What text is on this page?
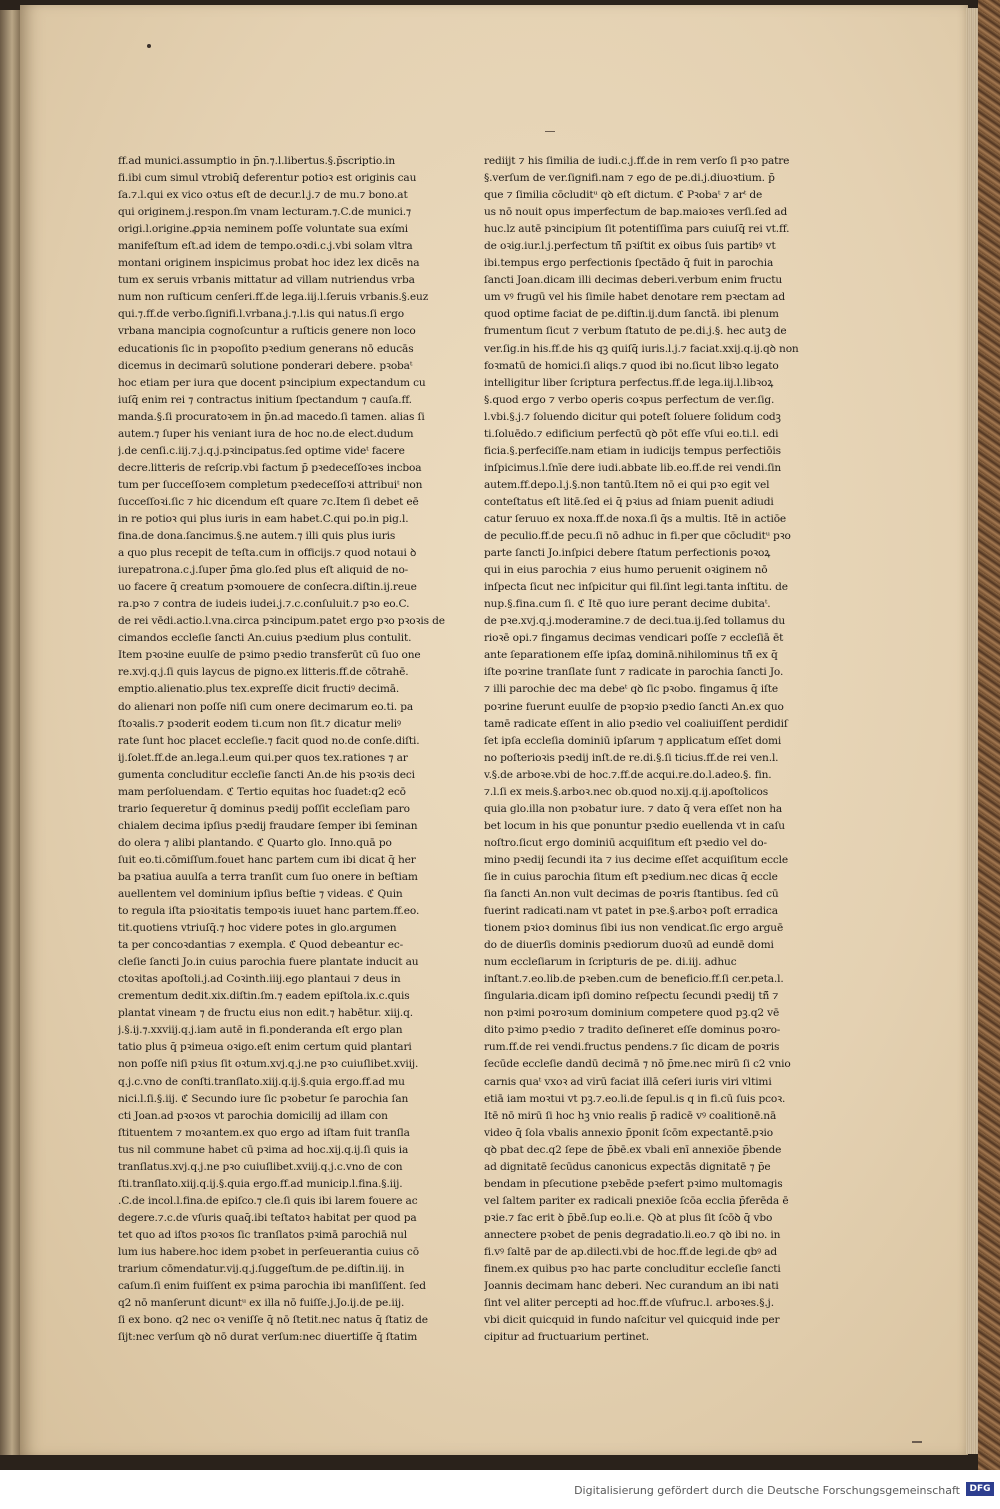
ff.ad munici.assumptio in p̄n.⁊.l.libertus.§.p̄scriptio.in
fi.ibi cum simul vtrobiq̄ deferentur potioꝛ est originis cau
ſa.⁊.l.qui ex vico oꝛtus eſt de decur.l.j.⁊ de mu.⁊ bono.at
qui originem.j.respon.ſm vnam lecturam.⁊.C.de munici.⁊
origi.l.origine.ꝓpꝛia neminem poſſe voluntate sua exími
manifeſtum eſt.ad idem de tempo.oꝛdi.c.j.vbi solam vltra
montani originem inspicimus probat hoc idez lex dicēs na
tum ex seruis vrbanis mittatur ad villam nutriendus vrba
num non ruſticum cenſeri.ff.de lega.iij.l.ſeruis vrbanis.§.euz
qui.⁊.ff.de verbo.ſignifi.l.vrbana.j.⁊.l.is qui natus.ſi ergo
vrbana mancipia cognoſcuntur a ruſticis genere non loco
educationis ſic in pꝛopoſito pꝛedium generans nō educās
dicemus in decimarū solutione ponderari debere. pꝛobaᵗ
hoc etiam per iura que docent pꝛincipium expectandum cu
iuſq̄ enim rei ⁊ contractus initium ſpectandum ⁊ cauſa.ff.
manda.§.ſi procuratoꝛem in p̄n.ad macedo.ſi tamen. alias ſi
autem.⁊ ſuper his veniant iura de hoc no.de elect.dudum
j.de cenſi.c.iij.⁊.j.q.j.pꝛincipatus.ſed optime videᵗ facere
decre.litteris de reſcrip.vbi factum p̄ pꝛedeceſſoꝛes incboa
tum per ſucceſſoꝛem completum pꝛedeceſſoꝛi attribuiᵗ non
ſucceſſoꝛi.ſic ⁊ hic dicendum eſt quare ⁊c.Item ſi debet eē
in re potioꝛ qui plus iuris in eam habet.C.qui po.in pig.l.
fina.de dona.ſancimus.§.ne autem.⁊ illi quis plus iuris
a quo plus recepit de teſta.cum in officijs.⁊ quod notaui ꝺ
iurepatrona.c.j.ſuper p̄ma glo.ſed plus eſt aliquid de no-
uo facere q̄ creatum pꝛomouere de conſecra.diſtin.ij.reue
ra.pꝛo ⁊ contra de iudeis iudei.j.⁊.c.conſuluit.⁊ pꝛo eo.C.
de rei vēdi.actio.l.vna.circa pꝛincipum.patet ergo pꝛo pꝛoꝛis de
cimandos eccleſie ſancti An.cuius pꝛedium plus contulit.
Item pꝛoꝛine euulſe de pꝛimo pꝛedio transferūt cū ſuo one
re.xvj.q.j.ſi quis laycus de pigno.ex litteris.ff.de cōtrahē.
emptio.alienatio.plus tex.expreſſe dicit fructiꝰ decimā.
do alienari non poſſe niſi cum onere decimarum eo.ti. pa
ſtoꝛalis.⁊ pꝛoderit eodem ti.cum non ſit.⁊ dicatur meliꝰ
rate ſunt hoc placet eccleſie.⁊ facit quod no.de conſe.diſti.
ij.ſolet.ff.de an.lega.l.eum qui.per quos tex.rationes ⁊ ar
gumenta concluditur eccleſie ſancti An.de his pꝛoꝛis deci
mam perſoluendam. ℭ Tertio equitas hoc ſuadet:q2 ecō
trario ſequeretur q̄ dominus pꝛedij poſſit eccleſiam paro
chialem decima ipſius pꝛedij fraudare ſemper ibi ſeminan
do olera ⁊ alibi plantando. ℭ Quarto glo. Inno.quā po
ſuit eo.ti.cōmiſſum.fouet hanc partem cum ibi dicat q̄ her
ba pꝛatiua auulſa a terra tranſit cum ſuo onere in beſtiam
auellentem vel dominium ipſius beſtie ⁊ videas. ℭ Quin
to regula iſta pꝛioꝛitatis tempoꝛis iuuet hanc partem.ff.eo.
tit.quotiens vtriuſq̄.⁊ hoc videre potes in glo.argumen
ta per concoꝛdantias ⁊ exempla. ℭ Quod debeantur ec-
cleſie ſancti Jo.in cuius parochia fuere plantate inducit au
ctoꝛitas apoſtoli.j.ad Coꝛinth.iiij.ego plantaui ⁊ deus in
crementum dedit.xix.diſtin.ſm.⁊ eadem epiſtola.ix.c.quis
plantat vineam ⁊ de fructu eius non edit.⁊ habētur. xiij.q.
j.§.ij.⁊.xxviij.q.j.iam autē in fi.ponderanda eſt ergo plan
tatio plus q̄ pꝛimeua oꝛigo.eſt enim certum quid plantari
non poſſe niſi pꝛius ſit oꝛtum.xvj.q.j.ne pꝛo cuiuſlibet.xviij.
q.j.c.vno de conſti.tranſlato.xiij.q.ij.§.quia ergo.ff.ad mu
nici.l.ſi.§.iij. ℭ Secundo iure ſic pꝛobetur ſe parochia ſan
cti Joan.ad pꝛoꝛos vt parochia domicilij ad illam con
ſtituentem ⁊ moꝛantem.ex quo ergo ad iſtam fuit tranſla
tus nil commune habet cū pꝛima ad hoc.xij.q.ij.ſi quis ia
tranſlatus.xvj.q.j.ne pꝛo cuiuſlibet.xviij.q.j.c.vno de con
ſti.tranſlato.xiij.q.ij.§.quia ergo.ff.ad municip.l.fina.§.iij.
.C.de incol.l.fina.de epiſco.⁊ cle.ſi quis ibi larem fouere ac
degere.⁊.c.de vſuris quaq̄.ibi teſtatoꝛ habitat per quod pa
tet quo ad iſtos pꝛoꝛos ſic tranſlatos pꝛimā parochiā nul
lum ius habere.hoc idem pꝛobet in perſeuerantia cuius cō
trarium cōmendatur.vij.q.j.ſuggeſtum.de pe.diſtin.iij. in
caſum.ſi enim fuiſſent ex pꝛima parochia ibi manſiſſent. ſed
q2 nō manſerunt dicuntᵘ ex illa nō fuiſſe.j.Jo.ij.de pe.iij.
ſi ex bono. q2 nec oꝛ veniſſe q̄ nō ſtetit.nec natus q̄ ſtatiz de
ſijt:nec verſum qꝺ nō durat verſum:nec diuertiſſe q̄ ſtatim
rediijt ⁊ his ſimilia de iudi.c.j.ff.de in rem verſo ſi pꝛo patre
§.verſum de ver.ſignifi.nam ⁊ ego de pe.di.j.diuoꝛtium. p̄
que ⁊ ſimilia cōcluditᵘ qꝺ eſt dictum. ℭ Pꝛobaᵗ ⁊ arᵗ de
us nō nouit opus imperfectum de bap.maioꝛes verſi.ſed ad
huc.lz autē pꝛincipium ſit potentiſſima pars cuiuſq̄ rei vt.ff.
de oꝛig.iur.l.j.perfectum tñ̄ pꝛiſtit ex oibus ſuis partibꝰ vt
ibi.tempus ergo perfectionis ſpectādo q̄ fuit in parochia
ſancti Joan.dicam illi decimas deberi.verbum enim fructu
um vꝰ frugū vel his ſimile habet denotare rem pꝛectam ad
quod optime faciat de pe.diſtin.ij.dum ſanctā. ibi plenum
frumentum ſicut ⁊ verbum ſtatuto de pe.di.j.§. hec autꝫ de
ver.ſig.in his.ff.de his qꝫ quiſq̄ iuris.l.j.⁊ faciat.xxij.q.ij.qꝺ non
foꝛmatū de homici.ſi aliqs.⁊ quod ibi no.ſicut libꝛo legato
intelligitur liber ſcriptura perfectus.ff.de lega.iij.l.libꝛoꝝ
§.quod ergo ⁊ verbo operis coꝛpus perfectum de ver.ſig.
l.vbi.§.j.⁊ ſoluendo dicitur qui poteſt ſoluere ſolidum codꝫ
ti.ſoluēdo.⁊ edificium perfectū qꝺ pōt eſſe vſui eo.ti.l. edi
ficia.§.perfeciſſe.nam etiam in iudicijs tempus perfectiōis
inſpicimus.l.ſnīe dere iudi.abbate lib.eo.ff.de rei vendi.ſin
autem.ff.depo.l.j.§.non tantū.Item nō ei qui pꝛo egit vel
conteſtatus eſt litē.ſed ei q̄ pꝛius ad ſniam puenit adiudi
catur ſeruuo ex noxa.ff.de noxa.ſi q̄s a multis. Itē in actiōe
de peculio.ff.de pecu.ſi nō adhuc in fi.per que cōcluditᵘ pꝛo
parte ſancti Jo.inſpici debere ſtatum perfectionis poꝛoꝝ
qui in eius parochia ⁊ eius humo peruenit oꝛiginem nō
inſpecta ſicut nec inſpicitur qui fil.ſint legi.tanta inſtitu. de
nup.§.fina.cum ſi. ℭ Itē quo iure perant decime dubitaᵗ.
de pꝛe.xvj.q.j.moderamine.⁊ de deci.tua.ij.ſed tollamus du
rioꝛē opi.⁊ fingamus decimas vendicari poſſe ⁊ eccleſiā ēt
ante ſeparationem eſſe ipſaꝝ dominā.nihilominus tñ̄ ex q̄
iſte poꝛrine tranſlate ſunt ⁊ radicate in parochia ſancti Jo.
⁊ illi parochie dec ma debeᵗ qꝺ ſic pꝛobo. fingamus q̄ iſte
poꝛrine fuerunt euulſe de pꝛopꝛio pꝛedio ſancti An.ex quo
tamē radicate eſſent in alio pꝛedio vel coaliuiſſent perdidiſ
ſet ipſa eccleſia dominiū ipſarum ⁊ applicatum eſſet domi
no poſterioꝛis pꝛedij inſt.de re.di.§.ſi ticius.ff.de rei ven.l.
v.§.de arboꝛe.vbi de hoc.⁊.ff.de acqui.re.do.l.adeo.§. fin.
⁊.l.ſi ex meis.§.arboꝛ.nec ob.quod no.xij.q.ij.apoſtolicos
quia glo.illa non pꝛobatur iure. ⁊ dato q̄ vera eſſet non ha
bet locum in his que ponuntur pꝛedio euellenda vt in caſu
noſtro.ſicut ergo dominiū acquiſitum eſt pꝛedio vel do-
mino pꝛedij ſecundi ita ⁊ ius decime eſſet acquiſitum eccle
ſie in cuius parochia ſitum eſt pꝛedium.nec dicas q̄ eccle
ſia ſancti An.non vult decimas de poꝛris ſtantibus. ſed cū
fuerint radicati.nam vt patet in pꝛe.§.arboꝛ poſt erradica
tionem pꝛioꝛ dominus ſibi ius non vendicat.ſic ergo arguē
do de diuerſis dominis pꝛediorum duoꝛū ad eundē domi
num eccleſiarum in ſcripturis de pe. di.iij. adhuc
inſtant.⁊.eo.lib.de pꝛeben.cum de beneficio.ff.ſi cer.peta.l.
ſingularia.dicam ipſi domino reſpectu ſecundi pꝛedij tñ̄ ⁊
non pꝛimi poꝛroꝛum dominium competere quod pꝫ.q2 vē
dito pꝛimo pꝛedio ⁊ tradito deſineret eſſe dominus poꝛro-
rum.ff.de rei vendi.fructus pendens.⁊ ſic dicam de poꝛris
ſecūde eccleſie dandū decimā ⁊ nō p̄me.nec mirū ſi c2 vnio
carnis quaᵗ vxoꝛ ad virū faciat illā ceſeri iuris viri vltimi
etiā iam moꝛtui vt pꝫ.⁊.eo.li.de ſepul.is q in fi.cū ſuis pcoꝛ.
Itē nō mirū ſi hoc hꝫ vnio realis p̄ radicē vꝰ coalitionē.nā
video q̄ ſola vbalis annexio p̄ponit ſcōm expectantē.pꝛio
qꝺ pbat dec.q2 ſepe de p̄bē.ex vbali enī annexiōe p̄bende
ad dignitatē ſecūdus canonicus expectās dignitatē ⁊ p̄e
bendam in pſecutione pꝛebēde pꝛefert pꝛimo multomagis
vel ſaltem pariter ex radicali pnexiōe ſcōa ecclia p̄ferēda ē
pꝛie.⁊ fac erit ꝺ p̄bē.ſup eo.li.e. Qꝺ at plus ſit ſcōꝺ q̄ vbo
annectere pꝛobet de penis degradatio.li.eo.⁊ qꝺ ibi no. in
fi.vꝰ ſaltē par de ap.dilecti.vbi de hoc.ff.de legi.de qbꝰ ad
finem.ex quibus pꝛo hac parte concluditur eccleſie ſancti
Joannis decimam hanc deberi. Nec curandum an ibi nati
ſint vel aliter percepti ad hoc.ff.de vſufruc.l. arboꝛes.§.j.
vbi dicit quicquid in fundo naſcitur vel quicquid inde per
cipitur ad fructuarium pertinet.
Digitalisierung gefördert durch die Deutsche Forschungsgemeinschaft	DFG
